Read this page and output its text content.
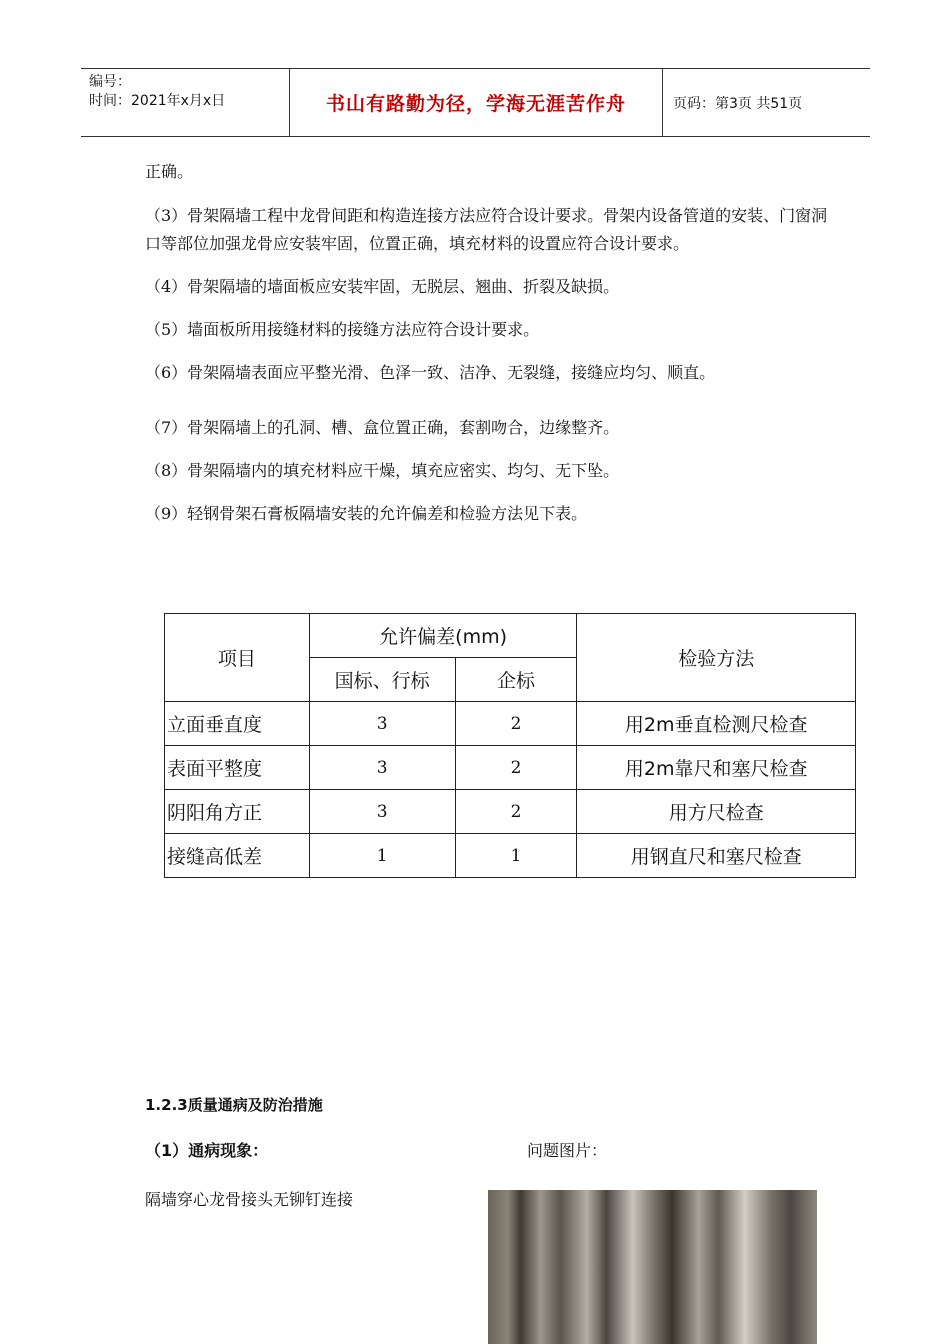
编号：
时间：2021年x月x日	书山有路勤为径，学海无涯苦作舟	页码：第3页 共51页

正确。

（3）骨架隔墙工程中龙骨间距和构造连接方法应符合设计要求。骨架内设备管道的安装、门窗洞口等部位加强龙骨应安装牢固，位置正确，填充材料的设置应符合设计要求。

（4）骨架隔墙的墙面板应安装牢固，无脱层、翘曲、折裂及缺损。

（5）墙面板所用接缝材料的接缝方法应符合设计要求。

（6）骨架隔墙表面应平整光滑、色泽一致、洁净、无裂缝，接缝应均匀、顺直。

（7）骨架隔墙上的孔洞、槽、盒位置正确，套割吻合，边缘整齐。

（8）骨架隔墙内的填充材料应干燥，填充应密实、均匀、无下坠。

（9）轻钢骨架石膏板隔墙安装的允许偏差和检验方法见下表。

项目	允许偏差(mm)		检验方法
	国标、行标	企标	
立面垂直度	3	2	用2m垂直检测尺检查
表面平整度	3	2	用2m靠尺和塞尺检查
阴阳角方正	3	2	用方尺检查
接缝高低差	1	1	用钢直尺和塞尺检查
1.2.3质量通病及防治措施
（1）通病现象：	问题图片：
隔墙穿心龙骨接头无铆钉连接
